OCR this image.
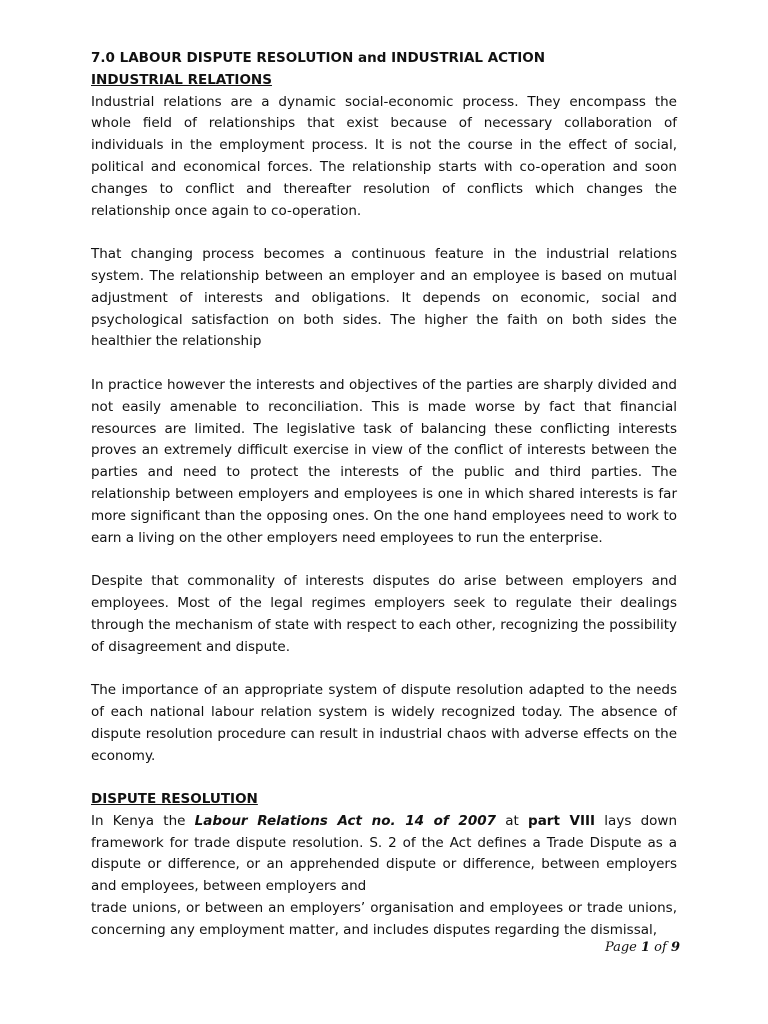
7.0 LABOUR DISPUTE RESOLUTION and INDUSTRIAL ACTION
INDUSTRIAL RELATIONS

Industrial relations are a dynamic social-economic process. They encompass the whole field of relationships that exist because of necessary collaboration of individuals in the employment process. It is not the course in the effect of social, political and economical forces. The relationship starts with co-operation and soon changes to conflict and thereafter resolution of conflicts which changes the relationship once again to co-operation.

That changing process becomes a continuous feature in the industrial relations system. The relationship between an employer and an employee is based on mutual adjustment of interests and obligations. It depends on economic, social and psychological satisfaction on both sides. The higher the faith on both sides the healthier the relationship

In practice however the interests and objectives of the parties are sharply divided and not easily amenable to reconciliation. This is made worse by fact that financial resources are limited. The legislative task of balancing these conflicting interests proves an extremely difficult exercise in view of the conflict of interests between the parties and need to protect the interests of the public and third parties. The relationship between employers and employees is one in which shared interests is far more significant than the opposing ones. On the one hand employees need to work to earn a living on the other employers need employees to run the enterprise.

Despite that commonality of interests disputes do arise between employers and employees. Most of the legal regimes employers seek to regulate their dealings through the mechanism of state with respect to each other, recognizing the possibility of disagreement and dispute.

The importance of an appropriate system of dispute resolution adapted to the needs of each national labour relation system is widely recognized today. The absence of dispute resolution procedure can result in industrial chaos with adverse effects on the economy.

DISPUTE RESOLUTION

In Kenya the Labour Relations Act no. 14 of 2007 at part VIII lays down framework for trade dispute resolution. S. 2 of the Act defines a Trade Dispute as a dispute or difference, or an apprehended dispute or difference, between employers and employees, between employers and

trade unions, or between an employers’ organisation and employees or trade unions, concerning any employment matter, and includes disputes regarding the dismissal,

Page 1 of 9
